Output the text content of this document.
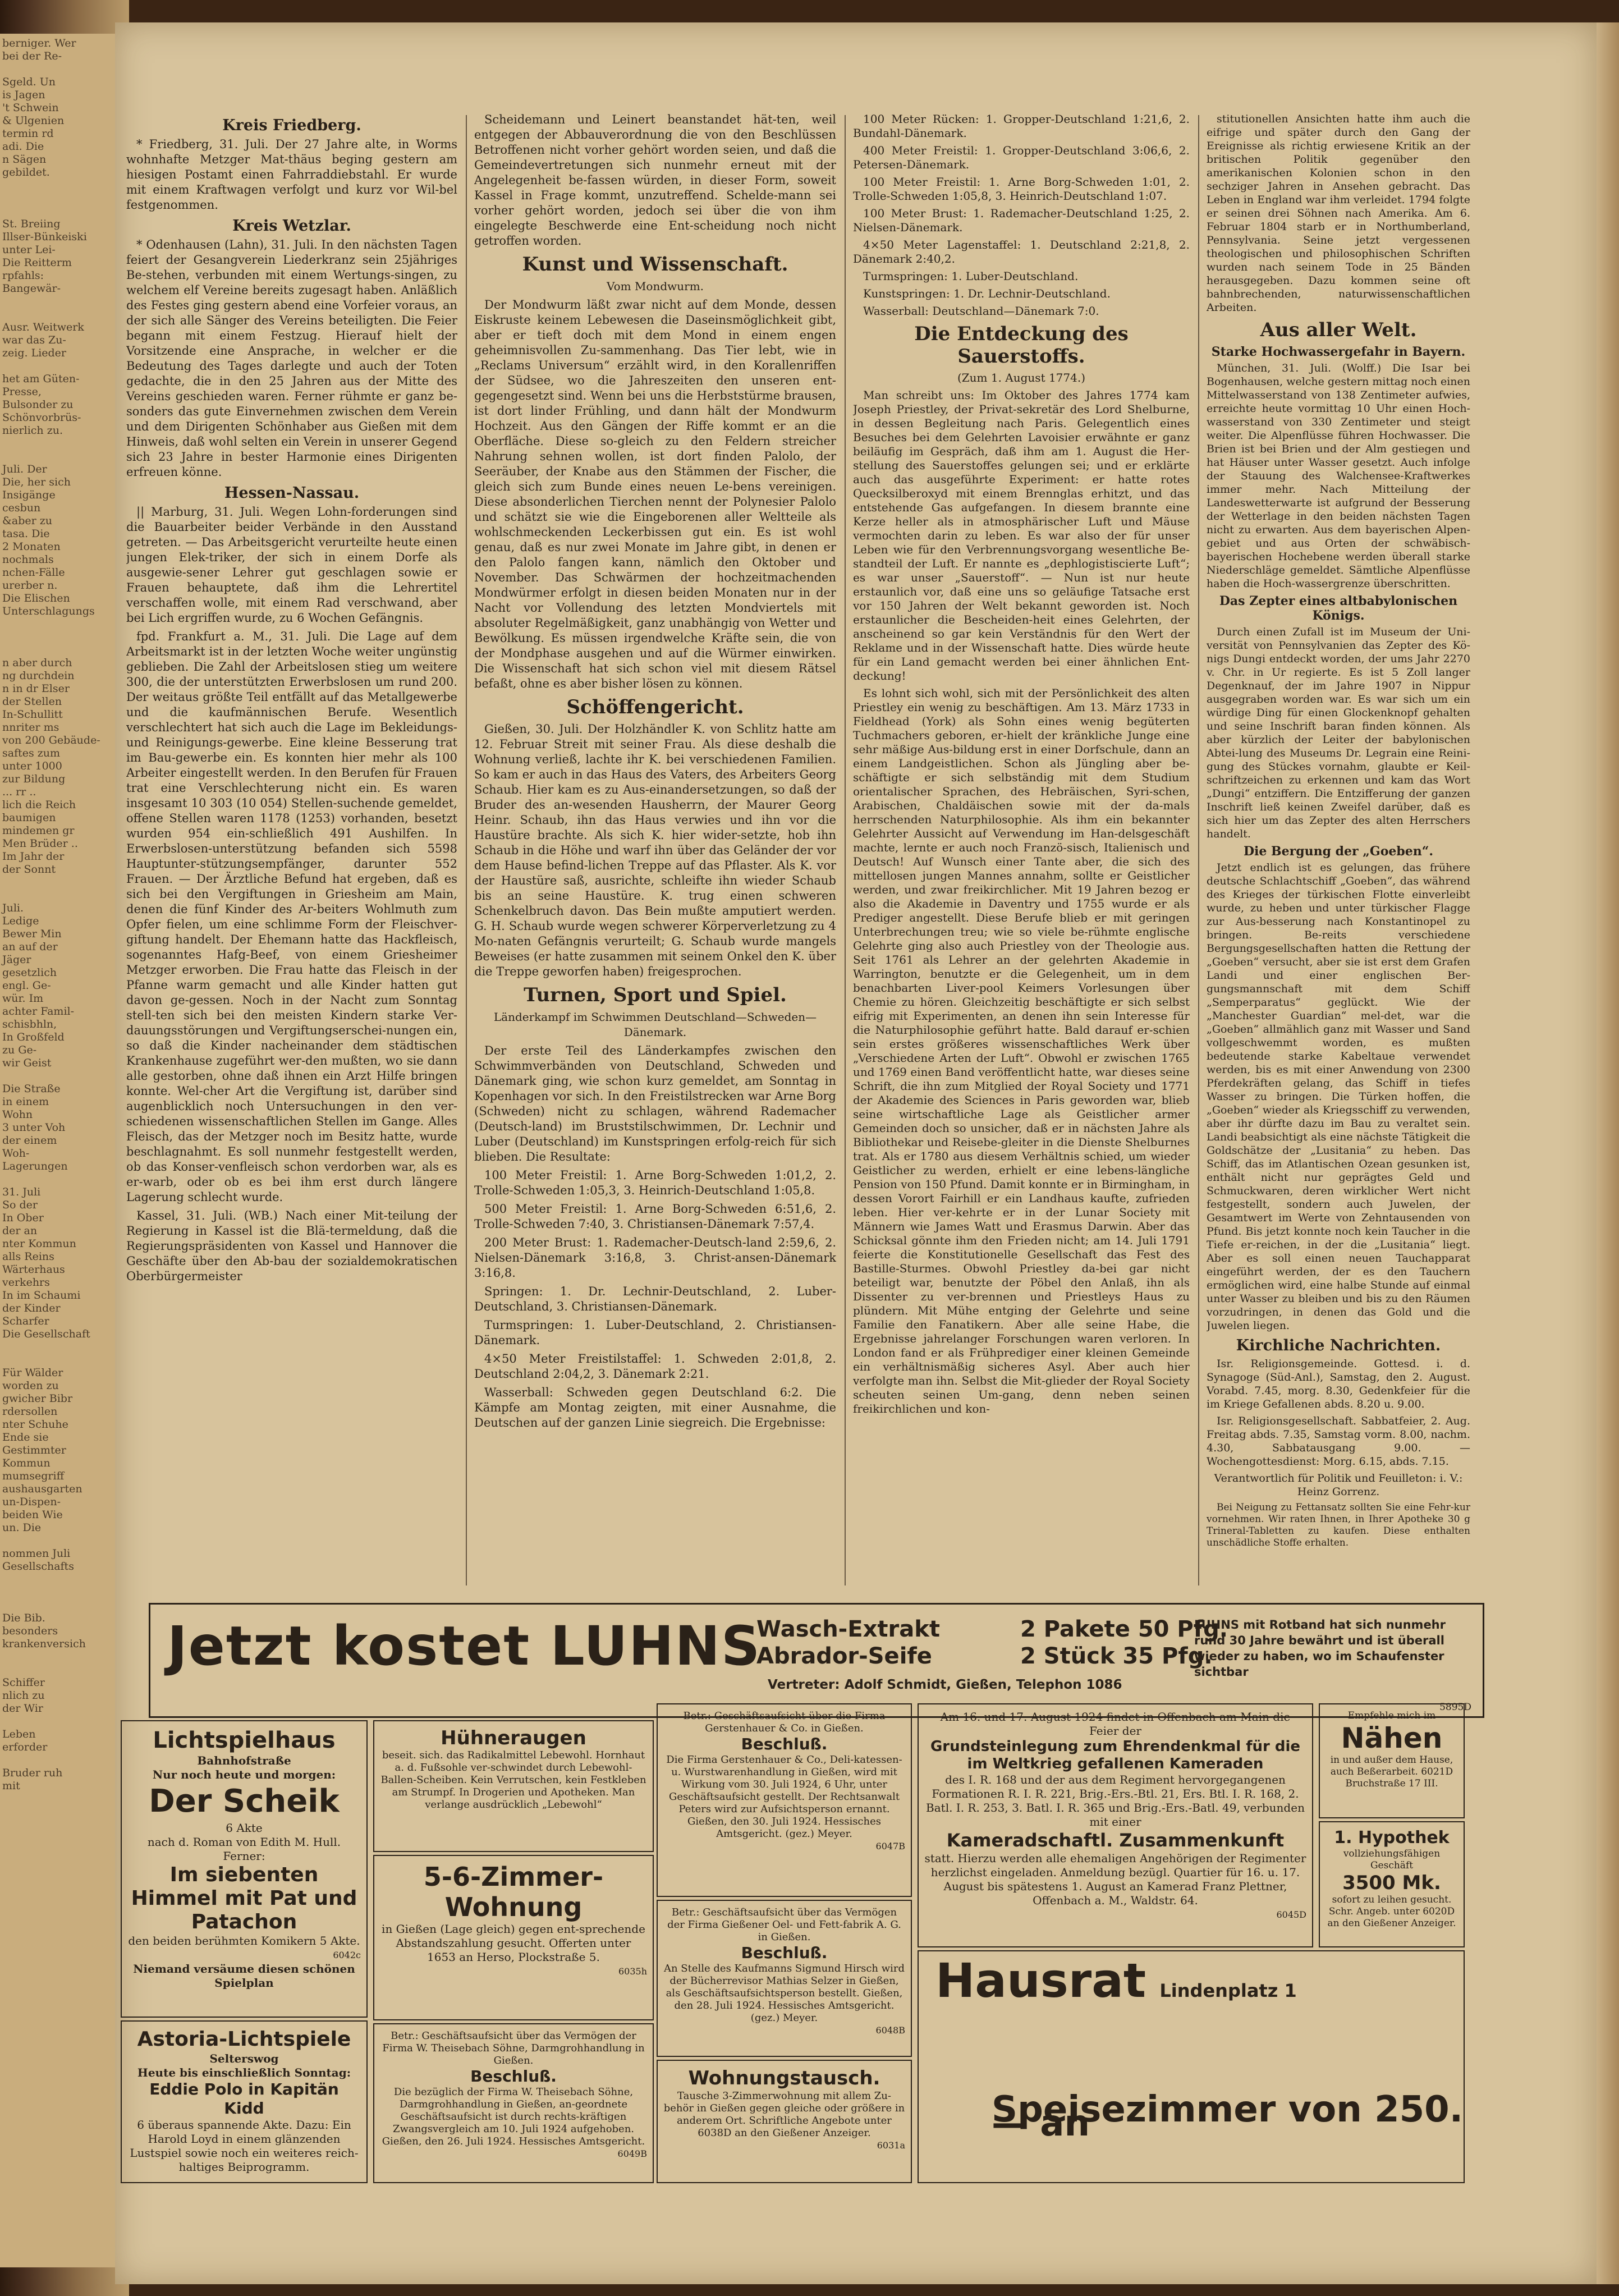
berniger. Wer
bei der Re-

Sgeld. Un
is Jagen
't Schwein
& Ulgenien
termin rd
adi. Die
n Sägen
gebildet.

St. Breiing
Illser-Bünkeiski
unter Lei-
Die Reitterm
rpfahls:
Bangewär-

Ausr. Weitwerk
war das Zu-
zeig. Lieder

het am Güten-
Presse,
Bulsonder zu
Schönvorbrüs-
nierlich zu.

Juli. Der
Die, her sich
Insigänge
cesbun
&aber zu
tasa. Die
2 Monaten
nochmals
nchen-Fälle
urerber n.
Die Elischen
Unterschlagungs

n aber durch
ng durchdein
n in dr Elser
der Stellen
In-Schullitt
nnriter ms
von 200 Gebäude-
saftes zum
unter 1000
zur Bildung
... rr ..
lich die Reich
baumigen
mindemen gr
Men Brüder ..
Im Jahr der
der Sonnt

Juli.
Ledige
Bewer Min
an auf der
Jäger
gesetzlich
engl. Ge-
wür. Im
achter Famil-
schisbhln,
In Großfeld
zu Ge-
wir Geist

Die Straße
in einem
Wohn
3 unter Voh
der einem
Woh-
Lagerungen

31. Juli
So der
In Ober
der an
nter Kommun
alls Reins
Wärterhaus
verkehrs
In im Schaumi
der Kinder
Scharfer
Die Gesellschaft

Für Wälder
worden zu
gwicher Bibr
rdersollen
nter Schuhe
Ende sie
Gestimmter
Kommun
mumsegriff
aushausgarten
un-Dispen-
beiden Wie
un. Die

nommen Juli
Gesellschafts

Die Bib.
besonders
krankenversich

Schiffer
nlich zu
der Wir

Leben
erforder

Bruder ruh
mit
Kreis Friedberg.

* Friedberg, 31. Juli. Der 27 Jahre alte, in Worms wohnhafte Metzger Mat-thäus beging gestern am hiesigen Postamt einen Fahrraddiebstahl. Er wurde mit einem Kraftwagen verfolgt und kurz vor Wil-bel festgenommen.

Kreis Wetzlar.

* Odenhausen (Lahn), 31. Juli. In den nächsten Tagen feiert der Gesangverein Liederkranz sein 25jähriges Be-stehen, verbunden mit einem Wertungs-singen, zu welchem elf Vereine bereits zugesagt haben. Anläßlich des Festes ging gestern abend eine Vorfeier voraus, an der sich alle Sänger des Vereins beteiligten. Die Feier begann mit einem Festzug. Hierauf hielt der Vorsitzende eine Ansprache, in welcher er die Bedeutung des Tages darlegte und auch der Toten gedachte, die in den 25 Jahren aus der Mitte des Vereins geschieden waren. Ferner rühmte er ganz be-sonders das gute Einvernehmen zwischen dem Verein und dem Dirigenten Schönhaber aus Gießen mit dem Hinweis, daß wohl selten ein Verein in unserer Gegend sich 23 Jahre in bester Harmonie eines Dirigenten erfreuen könne.

Hessen-Nassau.

|| Marburg, 31. Juli. Wegen Lohn-forderungen sind die Bauarbeiter beider Verbände in den Ausstand getreten. — Das Arbeitsgericht verurteilte heute einen jungen Elek-triker, der sich in einem Dorfe als ausgewie-sener Lehrer gut geschlagen sowie er Frauen behauptete, daß ihm die Lehrertitel verschaffen wolle, mit einem Rad verschwand, aber bei Lich ergriffen wurde, zu 6 Wochen Gefängnis.

fpd. Frankfurt a. M., 31. Juli. Die Lage auf dem Arbeitsmarkt ist in der letzten Woche weiter ungünstig geblieben. Die Zahl der Arbeitslosen stieg um weitere 300, die der unterstützten Erwerbslosen um rund 200. Der weitaus größte Teil entfällt auf das Metallgewerbe und die kaufmännischen Berufe. Wesentlich verschlechtert hat sich auch die Lage im Bekleidungs- und Reinigungs-gewerbe. Eine kleine Besserung trat im Bau-gewerbe ein. Es konnten hier mehr als 100 Arbeiter eingestellt werden. In den Berufen für Frauen trat eine Verschlechterung nicht ein. Es waren insgesamt 10 303 (10 054) Stellen-suchende gemeldet, offene Stellen waren 1178 (1253) vorhanden, besetzt wurden 954 ein-schließlich 491 Aushilfen. In Erwerbslosen-unterstützung befanden sich 5598 Hauptunter-stützungsempfänger, darunter 552 Frauen. — Der Ärztliche Befund hat ergeben, daß es sich bei den Vergiftungen in Griesheim am Main, denen die fünf Kinder des Ar-beiters Wohlmuth zum Opfer fielen, um eine schlimme Form der Fleischver-giftung handelt. Der Ehemann hatte das Hackfleisch, sogenanntes Hafg-Beef, von einem Griesheimer Metzger erworben. Die Frau hatte das Fleisch in der Pfanne warm gemacht und alle Kinder hatten gut davon ge-gessen. Noch in der Nacht zum Sonntag stell-ten sich bei den meisten Kindern starke Ver-dauungsstörungen und Vergiftungserschei-nungen ein, so daß die Kinder nacheinander dem städtischen Krankenhause zugeführt wer-den mußten, wo sie dann alle gestorben, ohne daß ihnen ein Arzt Hilfe bringen konnte. Wel-cher Art die Vergiftung ist, darüber sind augenblicklich noch Untersuchungen in den ver-schiedenen wissenschaftlichen Stellen im Gange. Alles Fleisch, das der Metzger noch im Besitz hatte, wurde beschlagnahmt. Es soll nunmehr festgestellt werden, ob das Konser-venfleisch schon verdorben war, als es er-warb, oder ob es bei ihm erst durch längere Lagerung schlecht wurde.

Kassel, 31. Juli. (WB.) Nach einer Mit-teilung der Regierung in Kassel ist die Blä-termeldung, daß die Regierungspräsidenten von Kassel und Hannover die Geschäfte über den Ab-bau der sozialdemokratischen Oberbürgermeister

Scheidemann und Leinert beanstandet hät-ten, weil entgegen der Abbauverordnung die von den Beschlüssen Betroffenen nicht vorher gehört worden seien, und daß die Gemeindevertretungen sich nunmehr erneut mit der Angelegenheit be-fassen würden, in dieser Form, soweit Kassel in Frage kommt, unzutreffend. Schelde-mann sei vorher gehört worden, jedoch sei über die von ihm eingelegte Beschwerde eine Ent-scheidung noch nicht getroffen worden.

Kunst und Wissenschaft.
Vom Mondwurm.

Der Mondwurm läßt zwar nicht auf dem Monde, dessen Eiskruste keinem Lebewesen die Daseinsmöglichkeit gibt, aber er tieft doch mit dem Mond in einem engen geheimnisvollen Zu-sammenhang. Das Tier lebt, wie in „Reclams Universum“ erzählt wird, in den Korallenriffen der Südsee, wo die Jahreszeiten den unseren ent-gegengesetzt sind. Wenn bei uns die Herbststürme brausen, ist dort linder Frühling, und dann hält der Mondwurm Hochzeit. Aus den Gängen der Riffe kommt er an die Oberfläche. Diese so-gleich zu den Feldern streicher Nahrung sehnen wollen, ist dort finden Palolo, der Seeräuber, der Knabe aus den Stämmen der Fischer, die gleich sich zum Bunde eines neuen Le-bens vereinigen. Diese absonderlichen Tierchen nennt der Polynesier Palolo und schätzt sie wie die Eingeborenen aller Weltteile als wohlschmeckenden Leckerbissen gut ein. Es ist wohl genau, daß es nur zwei Monate im Jahre gibt, in denen er den Palolo fangen kann, nämlich den Oktober und November. Das Schwärmen der hochzeitmachenden Mondwürmer erfolgt in diesen beiden Monaten nur in der Nacht vor Vollendung des letzten Mondviertels mit absoluter Regelmäßigkeit, ganz unabhängig von Wetter und Bewölkung. Es müssen irgendwelche Kräfte sein, die von der Mondphase ausgehen und auf die Würmer einwirken. Die Wissenschaft hat sich schon viel mit diesem Rätsel befaßt, ohne es aber bisher lösen zu können.

Schöffengericht.

Gießen, 30. Juli. Der Holzhändler K. von Schlitz hatte am 12. Februar Streit mit seiner Frau. Als diese deshalb die Wohnung verließ, lachte ihr K. bei verschiedenen Familien. So kam er auch in das Haus des Vaters, des Arbeiters Georg Schaub. Hier kam es zu Aus-einandersetzungen, so daß der Bruder des an-wesenden Hausherrn, der Maurer Georg Heinr. Schaub, ihn das Haus verwies und ihn vor die Haustüre brachte. Als sich K. hier wider-setzte, hob ihn Schaub in die Höhe und warf ihn über das Geländer der vor dem Hause befind-lichen Treppe auf das Pflaster. Als K. vor der Haustüre saß, ausrichte, schleifte ihn wieder Schaub bis an seine Haustüre. K. trug einen schweren Schenkelbruch davon. Das Bein mußte amputiert werden. G. H. Schaub wurde wegen schwerer Körperverletzung zu 4 Mo-naten Gefängnis verurteilt; G. Schaub wurde mangels Beweises (er hatte zusammen mit seinem Onkel den K. über die Treppe geworfen haben) freigesprochen.

Turnen, Sport und Spiel.
Länderkampf im Schwimmen Deutschland—Schweden—Dänemark.

Der erste Teil des Länderkampfes zwischen den Schwimmverbänden von Deutschland, Schweden und Dänemark ging, wie schon kurz gemeldet, am Sonntag in Kopenhagen vor sich. In den Freistilstrecken war Arne Borg (Schweden) nicht zu schlagen, während Rademacher (Deutsch-land) im Bruststilschwimmen, Dr. Lechnir und Luber (Deutschland) im Kunstspringen erfolg-reich für sich blieben. Die Resultate:

100 Meter Freistil: 1. Arne Borg-Schweden 1:01,2, 2. Trolle-Schweden 1:05,3, 3. Heinrich-Deutschland 1:05,8.

500 Meter Freistil: 1. Arne Borg-Schweden 6:51,6, 2. Trolle-Schweden 7:40, 3. Christiansen-Dänemark 7:57,4.

200 Meter Brust: 1. Rademacher-Deutsch-land 2:59,6, 2. Nielsen-Dänemark 3:16,8, 3. Christ-ansen-Dänemark 3:16,8.

Springen: 1. Dr. Lechnir-Deutschland, 2. Luber-Deutschland, 3. Christiansen-Dänemark.

Turmspringen: 1. Luber-Deutschland, 2. Christiansen-Dänemark.

4×50 Meter Freistilstaffel: 1. Schweden 2:01,8, 2. Deutschland 2:04,2, 3. Dänemark 2:21.

Wasserball: Schweden gegen Deutschland 6:2. Die Kämpfe am Montag zeigten, mit einer Ausnahme, die Deutschen auf der ganzen Linie siegreich. Die Ergebnisse:

100 Meter Rücken: 1. Gropper-Deutschland 1:21,6, 2. Bundahl-Dänemark.

400 Meter Freistil: 1. Gropper-Deutschland 3:06,6, 2. Petersen-Dänemark.

100 Meter Freistil: 1. Arne Borg-Schweden 1:01, 2. Trolle-Schweden 1:05,8, 3. Heinrich-Deutschland 1:07.

100 Meter Brust: 1. Rademacher-Deutschland 1:25, 2. Nielsen-Dänemark.

4×50 Meter Lagenstaffel: 1. Deutschland 2:21,8, 2. Dänemark 2:40,2.

Turmspringen: 1. Luber-Deutschland.

Kunstspringen: 1. Dr. Lechnir-Deutschland.

Wasserball: Deutschland—Dänemark 7:0.

Die Entdeckung des Sauerstoffs.
(Zum 1. August 1774.)

Man schreibt uns: Im Oktober des Jahres 1774 kam Joseph Priestley, der Privat-sekretär des Lord Shelburne, in dessen Begleitung nach Paris. Gelegentlich eines Besuches bei dem Gelehrten Lavoisier erwähnte er ganz beiläufig im Gespräch, daß ihm am 1. August die Her-stellung des Sauerstoffes gelungen sei; und er erklärte auch das ausgeführte Experiment: er hatte rotes Quecksilberoxyd mit einem Brennglas erhitzt, und das entstehende Gas aufgefangen. In diesem brannte eine Kerze heller als in atmosphärischer Luft und Mäuse vermochten darin zu leben. Es war also der für unser Leben wie für den Verbrennungsvorgang wesentliche Be-standteil der Luft. Er nannte es „dephlogistiscierte Luft“; es war unser „Sauerstoff“. — Nun ist nur heute erstaunlich vor, daß eine uns so geläufige Tatsache erst vor 150 Jahren der Welt bekannt geworden ist. Noch erstaunlicher die Bescheiden-heit eines Gelehrten, der anscheinend so gar kein Verständnis für den Wert der Reklame und in der Wissenschaft hatte. Dies würde heute für ein Land gemacht werden bei einer ähnlichen Ent-deckung!

Es lohnt sich wohl, sich mit der Persönlichkeit des alten Priestley ein wenig zu beschäftigen. Am 13. März 1733 in Fieldhead (York) als Sohn eines wenig begüterten Tuchmachers geboren, er-hielt der kränkliche Junge eine sehr mäßige Aus-bildung erst in einer Dorfschule, dann an einem Landgeistlichen. Schon als Jüngling aber be-schäftigte er sich selbständig mit dem Studium orientalischer Sprachen, des Hebräischen, Syri-schen, Arabischen, Chaldäischen sowie mit der da-mals herrschenden Naturphilosophie. Als ihm ein bekannter Gelehrter Aussicht auf Verwendung im Han-delsgeschäft machte, lernte er auch noch Franzö-sisch, Italienisch und Deutsch! Auf Wunsch einer Tante aber, die sich des mittellosen jungen Mannes annahm, sollte er Geistlicher werden, und zwar freikirchlicher. Mit 19 Jahren bezog er also die Akademie in Daventry und 1755 wurde er als Prediger angestellt. Diese Berufe blieb er mit geringen Unterbrechungen treu; wie so viele be-rühmte englische Gelehrte ging also auch Priestley von der Theologie aus. Seit 1761 als Lehrer an der gelehrten Akademie in Warrington, benutzte er die Gelegenheit, um in dem benachbarten Liver-pool Keimers Vorlesungen über Chemie zu hören. Gleichzeitig beschäftigte er sich selbst eifrig mit Experimenten, an denen ihn sein Interesse für die Naturphilosophie geführt hatte. Bald darauf er-schien sein erstes größeres wissenschaftliches Werk über „Verschiedene Arten der Luft“. Obwohl er zwischen 1765 und 1769 einen Band veröffentlicht hatte, war dieses seine Schrift, die ihn zum Mitglied der Royal Society und 1771 der Akademie des Sciences in Paris geworden war, blieb seine wirtschaftliche Lage als Geistlicher armer Gemeinden doch so unsicher, daß er in nächsten Jahre als Bibliothekar und Reisebe-gleiter in die Dienste Shelburnes trat. Als er 1780 aus diesem Verhältnis schied, um wieder Geistlicher zu werden, erhielt er eine lebens-längliche Pension von 150 Pfund. Damit konnte er in Birmingham, in dessen Vorort Fairhill er ein Landhaus kaufte, zufrieden leben. Hier ver-kehrte er in der Lunar Society mit Männern wie James Watt und Erasmus Darwin. Aber das Schicksal gönnte ihm den Frieden nicht; am 14. Juli 1791 feierte die Konstitutionelle Gesellschaft das Fest des Bastille-Sturmes. Obwohl Priestley da-bei gar nicht beteiligt war, benutzte der Pöbel den Anlaß, ihn als Dissenter zu ver-brennen und Priestleys Haus zu plündern. Mit Mühe entging der Gelehrte und seine Familie den Fanatikern. Aber alle seine Habe, die Ergebnisse jahrelanger Forschungen waren verloren. In London fand er als Frühprediger einer kleinen Gemeinde ein verhältnismäßig sicheres Asyl. Aber auch hier verfolgte man ihn. Selbst die Mit-glieder der Royal Society scheuten seinen Um-gang, denn neben seinen freikirchlichen und kon-

stitutionellen Ansichten hatte ihm auch die eifrige und später durch den Gang der Ereignisse als richtig erwiesene Kritik an der britischen Politik gegenüber den amerikanischen Kolonien schon in den sechziger Jahren in Ansehen gebracht. Das Leben in England war ihm verleidet. 1794 folgte er seinen drei Söhnen nach Amerika. Am 6. Februar 1804 starb er in Northumberland, Pennsylvania. Seine jetzt vergessenen theologischen und philosophischen Schriften wurden nach seinem Tode in 25 Bänden herausgegeben. Dazu kommen seine oft bahnbrechenden, naturwissenschaftlichen Arbeiten.

Aus aller Welt.
Starke Hochwassergefahr in Bayern.

München, 31. Juli. (Wolff.) Die Isar bei Bogenhausen, welche gestern mittag noch einen Mittelwasserstand von 138 Zentimeter aufwies, erreichte heute vormittag 10 Uhr einen Hoch-wasserstand von 330 Zentimeter und steigt weiter. Die Alpenflüsse führen Hochwasser. Die Brien ist bei Brien und der Alm gestiegen und hat Häuser unter Wasser gesetzt. Auch infolge der Stauung des Walchensee-Kraftwerkes immer mehr. Nach Mitteilung der Landeswetterwarte ist aufgrund der Besserung der Wetterlage in den beiden nächsten Tagen nicht zu erwarten. Aus dem bayerischen Alpen-gebiet und aus Orten der schwäbisch-bayerischen Hochebene werden überall starke Niederschläge gemeldet. Sämtliche Alpenflüsse haben die Hoch-wassergrenze überschritten.

Das Zepter eines altbabylonischen Königs.

Durch einen Zufall ist im Museum der Uni-versität von Pennsylvanien das Zepter des Kö-nigs Dungi entdeckt worden, der ums Jahr 2270 v. Chr. in Ur regierte. Es ist 5 Zoll langer Degenknauf, der im Jahre 1907 in Nippur ausgegraben worden war. Es war sich um ein würdige Ding für einen Glockenknopf gehalten und seine Inschrift baran finden können. Als aber kürzlich der Leiter der babylonischen Abtei-lung des Museums Dr. Legrain eine Reini-gung des Stückes vornahm, glaubte er Keil-schriftzeichen zu erkennen und kam das Wort „Dungi“ entziffern. Die Entzifferung der ganzen Inschrift ließ keinen Zweifel darüber, daß es sich hier um das Zepter des alten Herrschers handelt.

Die Bergung der „Goeben“.

Jetzt endlich ist es gelungen, das frühere deutsche Schlachtschiff „Goeben“, das während des Krieges der türkischen Flotte einverleibt wurde, zu heben und unter türkischer Flagge zur Aus-besserung nach Konstantinopel zu bringen. Be-reits verschiedene Bergungsgesellschaften hatten die Rettung der „Goeben“ versucht, aber sie ist erst dem Grafen Landi und einer englischen Ber-gungsmannschaft mit dem Schiff „Semperparatus“ geglückt. Wie der „Manchester Guardian“ mel-det, war die „Goeben“ allmählich ganz mit Wasser und Sand vollgeschwemmt worden, es mußten bedeutende starke Kabeltaue verwendet werden, bis es mit einer Anwendung von 2300 Pferdekräften gelang, das Schiff in tiefes Wasser zu bringen. Die Türken hoffen, die „Goeben“ wieder als Kriegsschiff zu verwenden, aber ihr dürfte dazu im Bau zu veraltet sein. Landi beabsichtigt als eine nächste Tätigkeit die Goldschätze der „Lusitania“ zu heben. Das Schiff, das im Atlantischen Ozean gesunken ist, enthält nicht nur geprägtes Geld und Schmuckwaren, deren wirklicher Wert nicht festgestellt, sondern auch Juwelen, der Gesamtwert im Werte von Zehntausenden von Pfund. Bis jetzt konnte noch kein Taucher in die Tiefe er-reichen, in der die „Lusitania“ liegt. Aber es soll einen neuen Tauchapparat eingeführt werden, der es den Tauchern ermöglichen wird, eine halbe Stunde auf einmal unter Wasser zu bleiben und bis zu den Räumen vorzudringen, in denen das Gold und die Juwelen liegen.

Kirchliche Nachrichten.

Isr. Religionsgemeinde. Gottesd. i. d. Synagoge (Süd-Anl.), Samstag, den 2. August. Vorabd. 7.45, morg. 8.30, Gedenkfeier für die im Kriege Gefallenen abds. 8.20 u. 9.00.

Isr. Religionsgesellschaft. Sabbatfeier, 2. Aug. Freitag abds. 7.35, Samstag vorm. 8.00, nachm. 4.30, Sabbatausgang 9.00. — Wochengottesdienst: Morg. 6.15, abds. 7.15.

Verantwortlich für Politik und Feuilleton: i. V.: Heinz Gorrenz.

Bei Neigung zu Fettansatz sollten Sie eine Fehr-kur vornehmen. Wir raten Ihnen, in Ihrer Apotheke 30 g Trineral-Tabletten zu kaufen. Diese enthalten unschädliche Stoffe erhalten.

Jetzt kostet LUHNS
Wasch-Extrakt
Abrador-Seife
2 Pakete 50 Pfg.
2 Stück 35 Pfg.
LUHNS mit Rotband hat sich nunmehr rund 30 Jahre bewährt und ist überall wieder zu haben, wo im Schaufenster sichtbar
Vertreter: Adolf Schmidt, Gießen, Telephon 1086
5895D
Lichtspielhaus
Bahnhofstraße
Nur noch heute und morgen:
Der Scheik
6 Akte
nach d. Roman von Edith M. Hull.
Ferner:
Im siebenten Himmel mit Pat und Patachon
den beiden berühmten Komikern 5 Akte.
6042c
Niemand versäume diesen schönen Spielplan
Astoria-Lichtspiele
Selterswog
Heute bis einschließlich Sonntag:
Eddie Polo in Kapitän Kidd
6 überaus spannende Akte. Dazu: Ein Harold Loyd in einem glänzenden Lustspiel sowie noch ein weiteres reich-haltiges Beiprogramm.
Hühneraugen
beseit. sich. das Radikalmittel Lebewohl. Hornhaut a. d. Fußsohle ver-schwindet durch Lebewohl-Ballen-Scheiben. Kein Verrutschen, kein Festkleben am Strumpf. In Drogerien und Apotheken. Man verlange ausdrücklich „Lebewohl“
5-6-Zimmer-Wohnung
in Gießen (Lage gleich) gegen ent-sprechende Abstandszahlung gesucht. Offerten unter 1653 an Herso, Plockstraße 5.
6035h
Betr.: Geschäftsaufsicht über das Vermögen der Firma W. Theisebach Söhne, Darmgrohhandlung in Gießen.
Beschluß.
Die bezüglich der Firma W. Theisebach Söhne, Darmgrohhandlung in Gießen, an-geordnete Geschäftsaufsicht ist durch rechts-kräftigen Zwangsvergleich am 10. Juli 1924 aufgehoben. Gießen, den 26. Juli 1924. Hessisches Amtsgericht.
6049B
Betr.: Geschäftsaufsicht über die Firma Gerstenhauer & Co. in Gießen.
Beschluß.
Die Firma Gerstenhauer & Co., Deli-katessen- u. Wurstwarenhandlung in Gießen, wird mit Wirkung vom 30. Juli 1924, 6 Uhr, unter Geschäftsaufsicht gestellt. Der Rechtsanwalt Peters wird zur Aufsichtsperson ernannt. Gießen, den 30. Juli 1924. Hessisches Amtsgericht. (gez.) Meyer.
6047B
Betr.: Geschäftsaufsicht über das Vermögen der Firma Gießener Oel- und Fett-fabrik A. G. in Gießen.
Beschluß.
An Stelle des Kaufmanns Sigmund Hirsch wird der Bücherrevisor Mathias Selzer in Gießen, als Geschäftsaufsichtsperson bestellt. Gießen, den 28. Juli 1924. Hessisches Amtsgericht. (gez.) Meyer.
6048B
Wohnungstausch.
Tausche 3-Zimmerwohnung mit allem Zu-behör in Gießen gegen gleiche oder größere in anderem Ort. Schriftliche Angebote unter 6038D an den Gießener Anzeiger.
6031a
Am 16. und 17. August 1924 findet in Offenbach am Main die Feier der
Grundsteinlegung zum Ehrendenkmal für die im Weltkrieg gefallenen Kameraden
des I. R. 168 und der aus dem Regiment hervorgegangenen Formationen R. I. R. 221, Brig.-Ers.-Btl. 21, Ers. Btl. I. R. 168, 2. Batl. I. R. 253, 3. Batl. I. R. 365 und Brig.-Ers.-Batl. 49, verbunden mit einer
Kameradschaftl. Zusammenkunft
statt. Hierzu werden alle ehemaligen Angehörigen der Regimenter herzlichst eingeladen. Anmeldung bezügl. Quartier für 16. u. 17. August bis spätestens 1. August an Kamerad Franz Plettner, Offenbach a. M., Waldstr. 64.
6045D
Empfehle mich im
Nähen
in und außer dem Hause, auch Beßerarbeit. 6021D Bruchstraße 17 III.
1. Hypothek
vollziehungsfähigen Geschäft
3500 Mk.
sofort zu leihen gesucht. Schr. Angeb. unter 6020D an den Gießener Anzeiger.
Hausrat Lindenplatz 1
Speisezimmer von 250.— an
